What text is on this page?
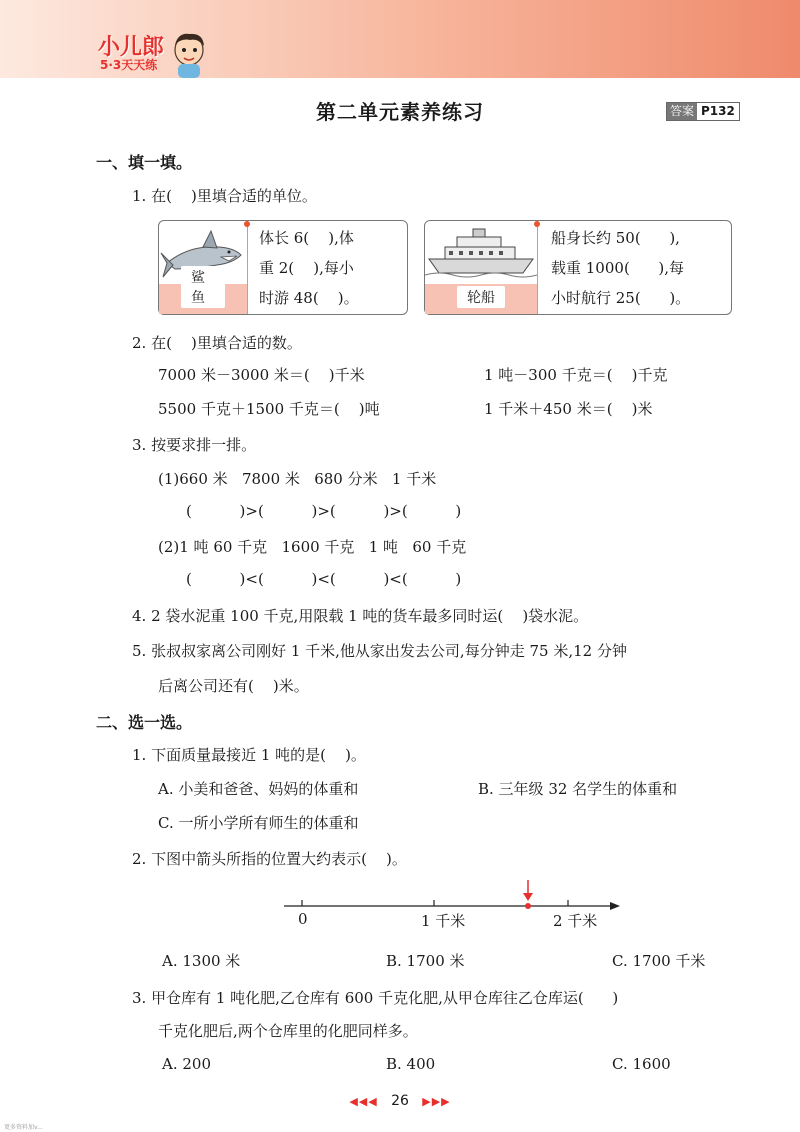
小儿郎
5·3天天练
第二单元素养练习	答案 P132
一、填一填。
1. 在(    )里填合适的单位。
鲨鱼
体长 6(    ),体
重 2(    ),每小
时游 48(    )。	轮船
船身长约 50(      ),
载重 1000(      ),每
小时航行 25(      )。
2. 在(    )里填合适的数。
7000 米－3000 米＝(    )千米	1 吨－300 千克＝(    )千克
5500 千克＋1500 千克＝(    )吨	1 千米＋450 米＝(    )米
3. 按要求排一排。
(1)660 米   7800 米   680 分米   1 千米
(          )>(          )>(          )>(          )
(2)1 吨 60 千克   1600 千克   1 吨   60 千克
(          )<(          )<(          )<(          )
4. 2 袋水泥重 100 千克,用限载 1 吨的货车最多同时运(    )袋水泥。
5. 张叔叔家离公司刚好 1 千米,他从家出发去公司,每分钟走 75 米,12 分钟
后离公司还有(    )米。
二、选一选。
1. 下面质量最接近 1 吨的是(    )。
A. 小美和爸爸、妈妈的体重和	B. 三年级 32 名学生的体重和
C. 一所小学所有师生的体重和
2. 下图中箭头所指的位置大约表示(    )。
0	1 千米	2 千米
A. 1300 米	B. 1700 米	C. 1700 千米
3. 甲仓库有 1 吨化肥,乙仓库有 600 千克化肥,从甲仓库往乙仓库运(      )
千克化肥后,两个仓库里的化肥同样多。
A. 200	B. 400	C. 1600
◀◀◀ 26 ▶▶▶
更多资料加v...
